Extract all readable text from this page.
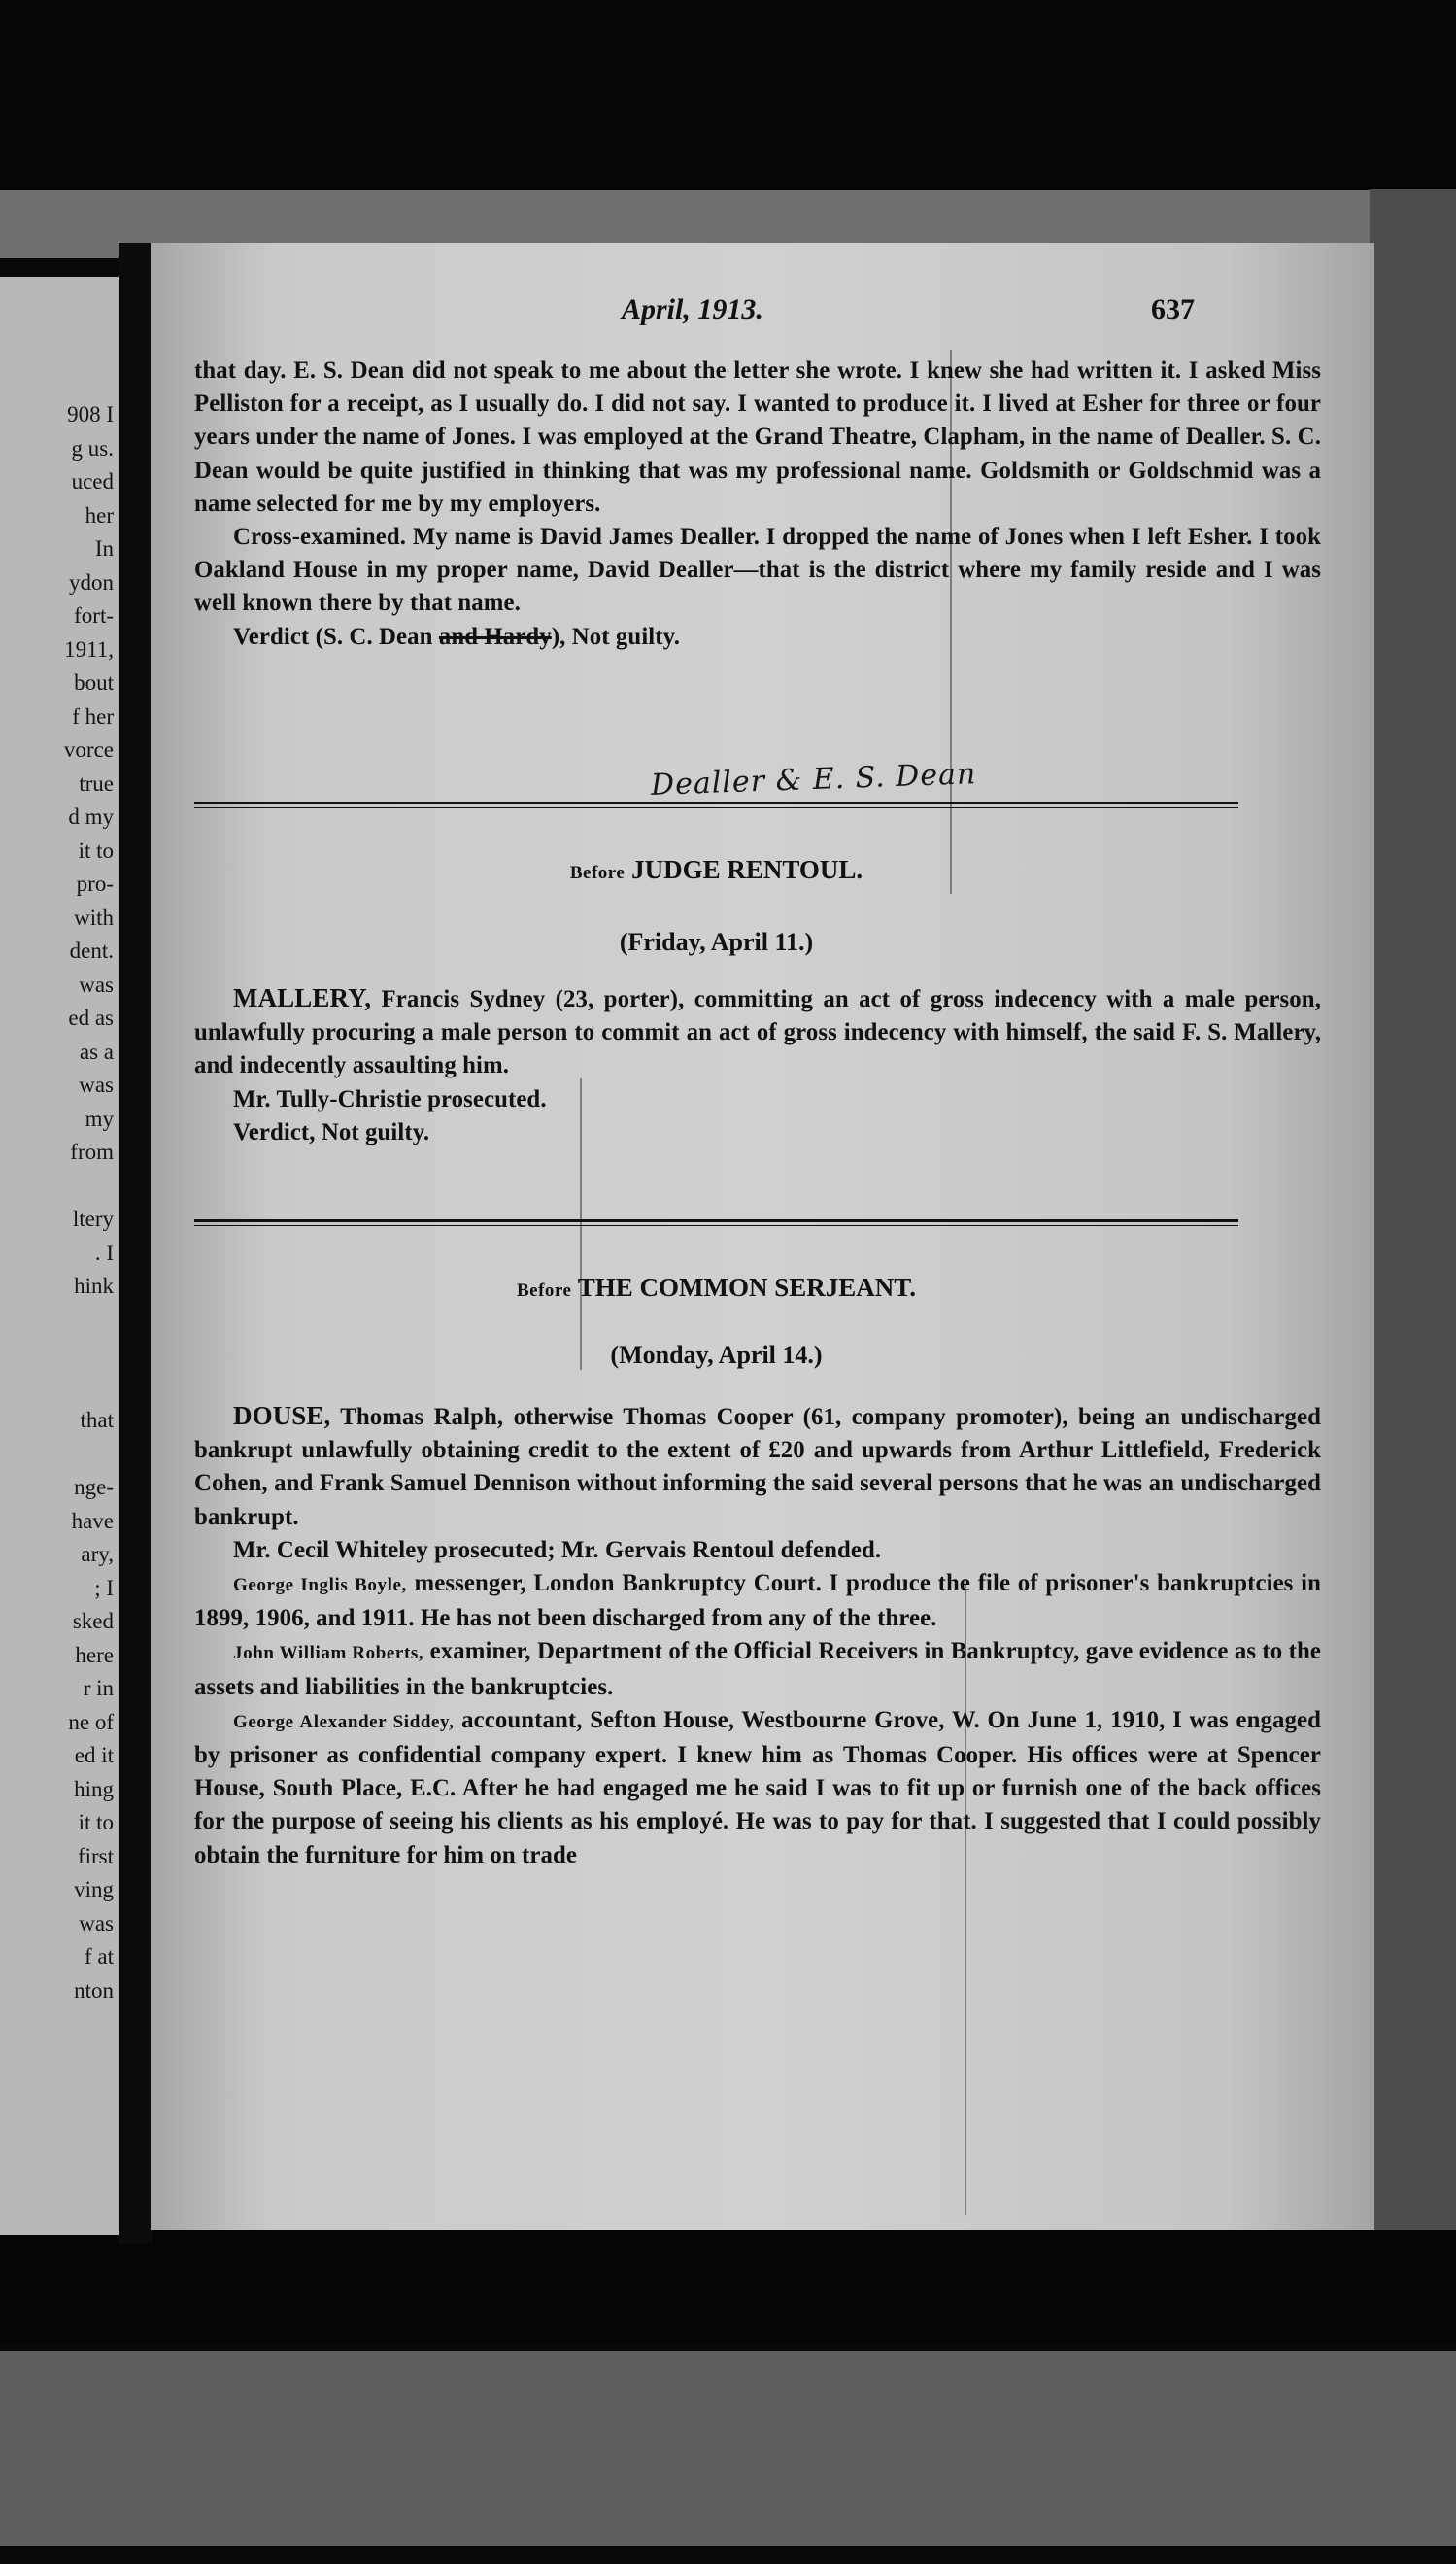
908 I
g us.
uced
her
In
ydon
fort-
1911,
bout
f her
vorce
true
d my
it to
pro-
with
dent.
was
ed as
as a
was
my
from
ltery
. I
hink
that
nge-
have
ary,
; I
sked
here
r in
ne of
ed it
hing
it to
first
ving
was
f at
nton
April, 1913.	637

that day. E. S. Dean did not speak to me about the letter she wrote. I knew she had written it. I asked Miss Pelliston for a receipt, as I usually do. I did not say. I wanted to produce it. I lived at Esher for three or four years under the name of Jones. I was employed at the Grand Theatre, Clapham, in the name of Dealler. S. C. Dean would be quite justified in thinking that was my professional name. Goldsmith or Goldschmid was a name selected for me by my employers.

Cross-examined. My name is David James Dealler. I dropped the name of Jones when I left Esher. I took Oakland House in my proper name, David Dealler—that is the district where my family reside and I was well known there by that name.

Verdict (S. C. Dean and Hardy), Not guilty.

Dealler & E. S. Dean
Before JUDGE RENTOUL.
(Friday, April 11.)

MALLERY, Francis Sydney (23, porter), committing an act of gross indecency with a male person, unlawfully procuring a male person to commit an act of gross indecency with himself, the said F. S. Mallery, and indecently assaulting him.

Mr. Tully-Christie prosecuted.

Verdict, Not guilty.

Before THE COMMON SERJEANT.
(Monday, April 14.)

DOUSE, Thomas Ralph, otherwise Thomas Cooper (61, company promoter), being an undischarged bankrupt unlawfully obtaining credit to the extent of £20 and upwards from Arthur Littlefield, Frederick Cohen, and Frank Samuel Dennison without informing the said several persons that he was an undischarged bankrupt.

Mr. Cecil Whiteley prosecuted; Mr. Gervais Rentoul defended.

George Inglis Boyle, messenger, London Bankruptcy Court. I produce the file of prisoner's bankruptcies in 1899, 1906, and 1911. He has not been discharged from any of the three.

John William Roberts, examiner, Department of the Official Receivers in Bankruptcy, gave evidence as to the assets and liabilities in the bankruptcies.

George Alexander Siddey, accountant, Sefton House, Westbourne Grove, W. On June 1, 1910, I was engaged by prisoner as confidential company expert. I knew him as Thomas Cooper. His offices were at Spencer House, South Place, E.C. After he had engaged me he said I was to fit up or furnish one of the back offices for the purpose of seeing his clients as his employé. He was to pay for that. I suggested that I could possibly obtain the furniture for him on trade
